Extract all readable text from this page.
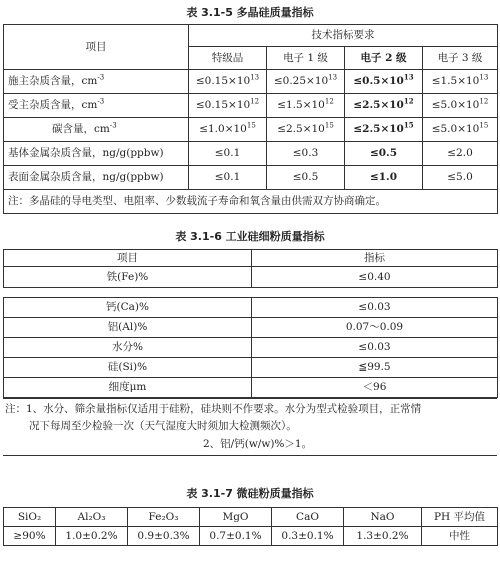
表 3.1-5 多晶硅质量指标
项目	技术指标要求			
	特级品	电子 1 级	电子 2 级	电子 3 级
施主杂质含量，$cm^{-3}$	$\le 0.15\times 10^{13}$	$\le 0.25\times 10^{13}$	$\le 0.5\times 10^{13}$	$\le 1.5\times 10^{13}$
受主杂质含量，$cm^{-3}$	$\le 0.15\times 10^{12}$	$\le 1.5\times 10^{12}$	$\le 2.5\times 10^{12}$	$\le 5.0\times 10^{12}$
碳含量，$cm^{-3}$	$\le 1.0\times 10^{15}$	$\le 2.5\times 10^{15}$	$\le 2.5\times 10^{15}$	$\le 5.0\times 10^{15}$
基体金属杂质含量，ng/g(ppbw)	≤0.1	≤0.3	≤0.5	≤2.0
表面金属杂质含量，ng/g(ppbw)	≤0.1	≤0.5	≤1.0	≤5.0
注：多晶硅的导电类型、电阻率、少数载流子寿命和氧含量由供需双方协商确定。				
表 3.1-6 工业硅细粉质量指标
项目	指标
铁(Fe)%	≤0.40
钙(Ca)%	≤0.03
铝(Al)%	0.07～0.09
水分%	≤0.03
硅(Si)%	≦99.5
细度μm	＜96
注：1、水分、筛余量指标仅适用于硅粉，硅块则不作要求。水分为型式检验项目，正常情
况下每周至少检验一次（天气湿度大时须加大检测频次）。
2、铝/钙(w/w)%＞1。
表 3.1-7 微硅粉质量指标
SiO₂	Al₂O₃	Fe₂O₃	MgO	CaO	NaO	PH 平均值
≥90%	1.0±0.2%	0.9±0.3%	0.7±0.1%	0.3±0.1%	1.3±0.2%	中性
